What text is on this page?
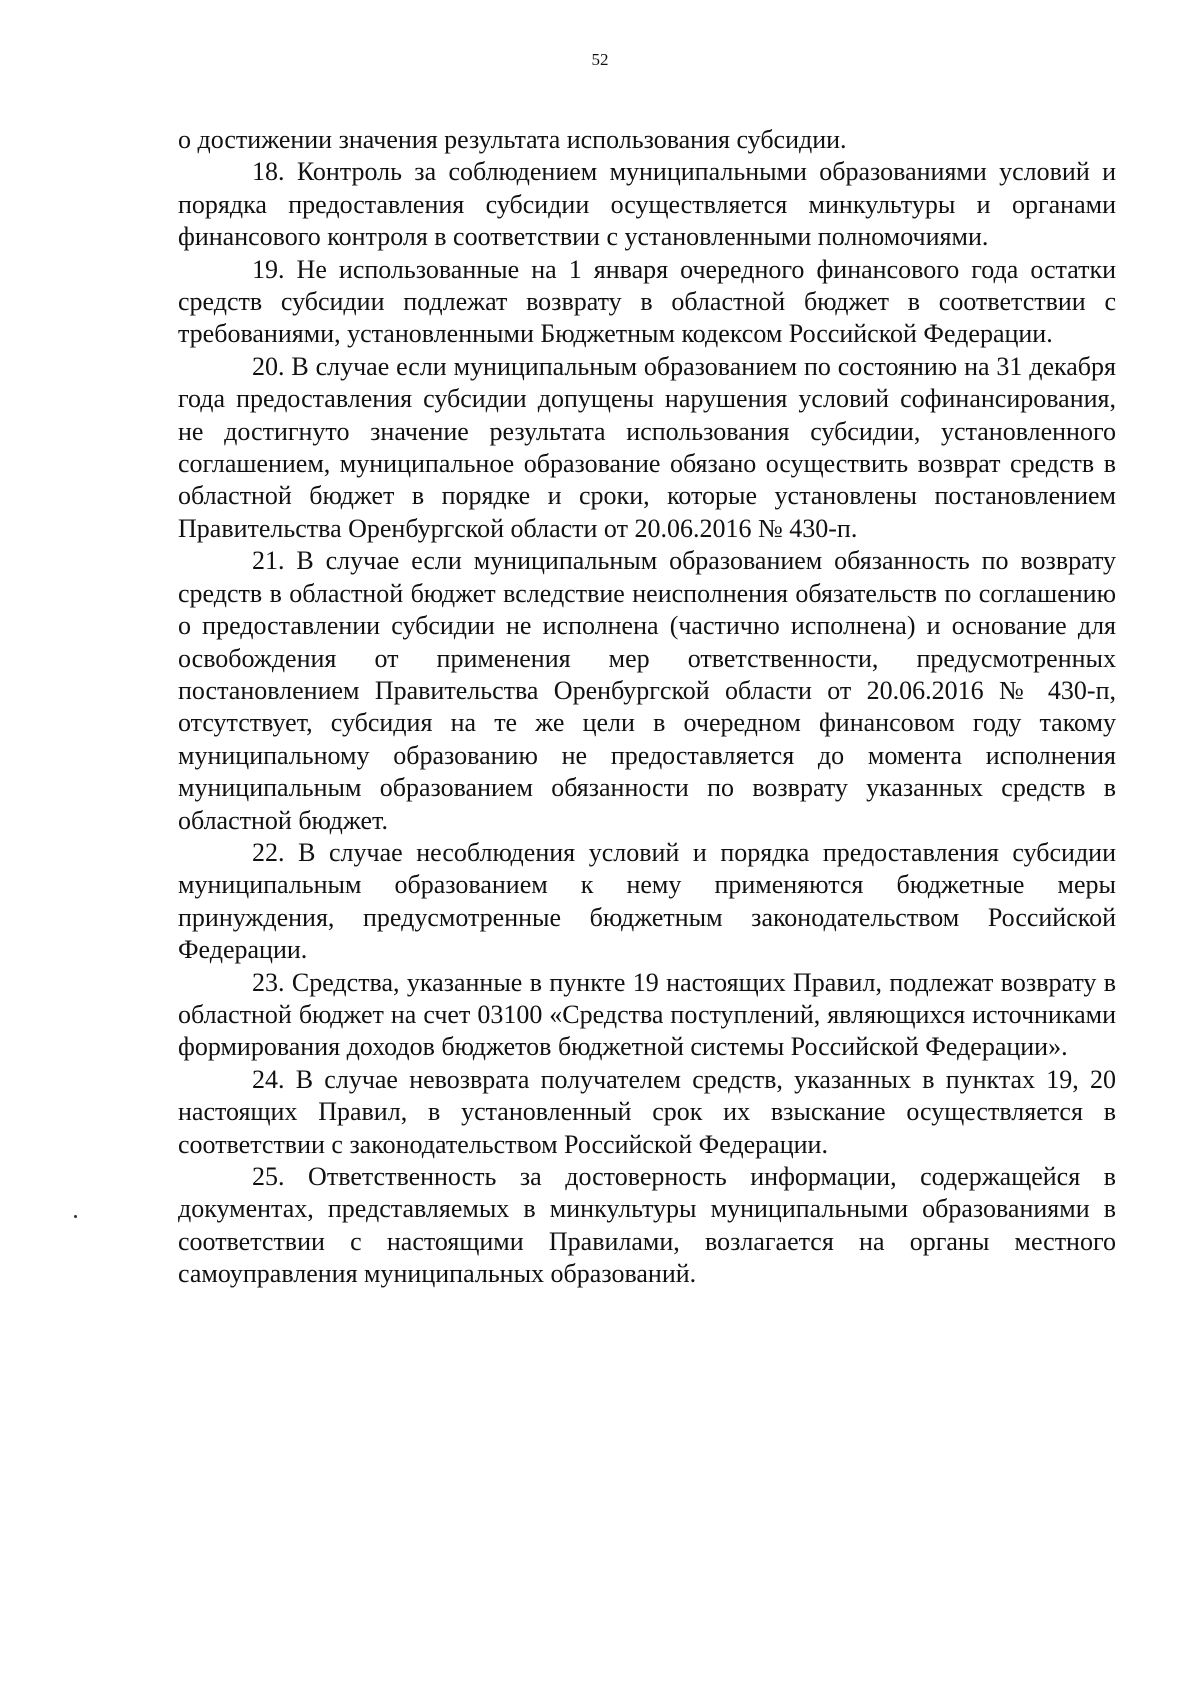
52

о достижении значения результата использования субсидии.

18. Контроль за соблюдением муниципальными образованиями условий и порядка предоставления субсидии осуществляется минкультуры и органами финансового контроля в соответствии с установленными полномочиями.

19. Не использованные на 1 января очередного финансового года остатки средств субсидии подлежат возврату в областной бюджет в соответствии с требованиями, установленными Бюджетным кодексом Российской Федерации.

20. В случае если муниципальным образованием по состоянию на 31 декабря года предоставления субсидии допущены нарушения условий софинансирования, не достигнуто значение результата использования субсидии, установленного соглашением, муниципальное образование обязано осуществить возврат средств в областной бюджет в порядке и сроки, которые установлены постановлением Правительства Оренбургской области от 20.06.2016 № 430-п.

21. В случае если муниципальным образованием обязанность по возврату средств в областной бюджет вследствие неисполнения обязательств по соглашению о предоставлении субсидии не исполнена (частично исполнена) и основание для освобождения от применения мер ответственности, предусмотренных постановлением Правительства Оренбургской области от 20.06.2016 № 430-п, отсутствует, субсидия на те же цели в очередном финансовом году такому муниципальному образованию не предоставляется до момента исполнения муниципальным образованием обязанности по возврату указанных средств в областной бюджет.

22. В случае несоблюдения условий и порядка предоставления субсидии муниципальным образованием к нему применяются бюджетные меры принуждения, предусмотренные бюджетным законодательством Российской Федерации.

23. Средства, указанные в пункте 19 настоящих Правил, подлежат возврату в областной бюджет на счет 03100 «Средства поступлений, являющихся источниками формирования доходов бюджетов бюджетной системы Российской Федерации».

24. В случае невозврата получателем средств, указанных в пунктах 19, 20 настоящих Правил, в установленный срок их взыскание осуществляется в соответствии с законодательством Российской Федерации.

25. Ответственность за достоверность информации, содержащейся в документах, представляемых в минкультуры муниципальными образованиями в соответствии с настоящими Правилами, возлагается на органы местного самоуправления муниципальных образований.
